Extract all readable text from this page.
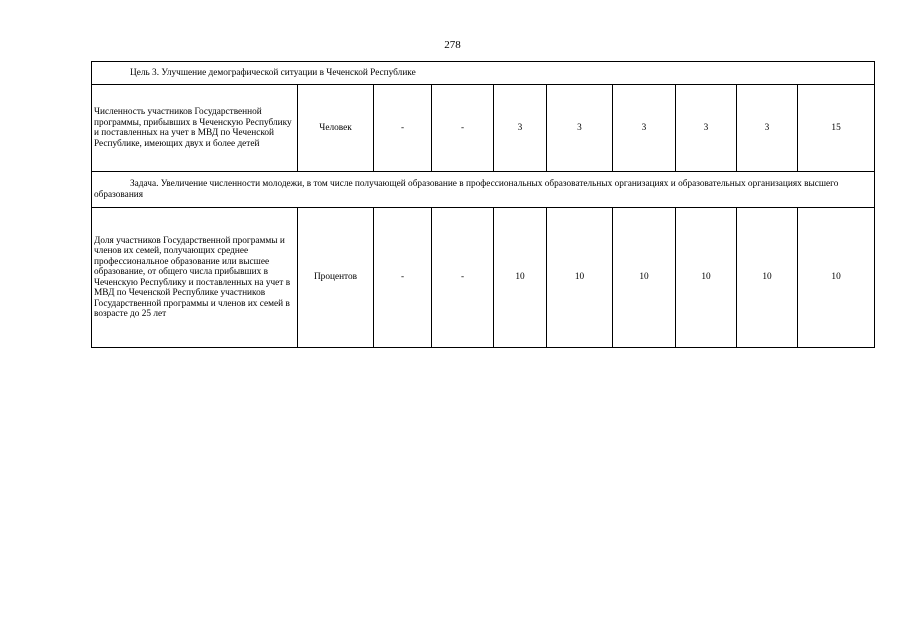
278
Цель 3. Улучшение демографической ситуации в Чеченской Республике									
Численность участников Государственной программы, прибывших в Чеченскую Республику и поставленных на учет в МВД по Чеченской Республике, имеющих двух и более детей	Человек	-	-	3	3	3	3	3	15
Задача. Увеличение численности молодежи, в том числе получающей образование в профессиональных образовательных организациях и образовательных организациях высшего образования									
Доля участников Государственной программы и членов их семей, получающих среднее профессиональное образование или высшее образование, от общего числа прибывших в Чеченскую Республику и поставленных на учет в МВД по Чеченской Республике участников Государственной программы и членов их семей в возрасте до 25 лет	Процентов	-	-	10	10	10	10	10	10
